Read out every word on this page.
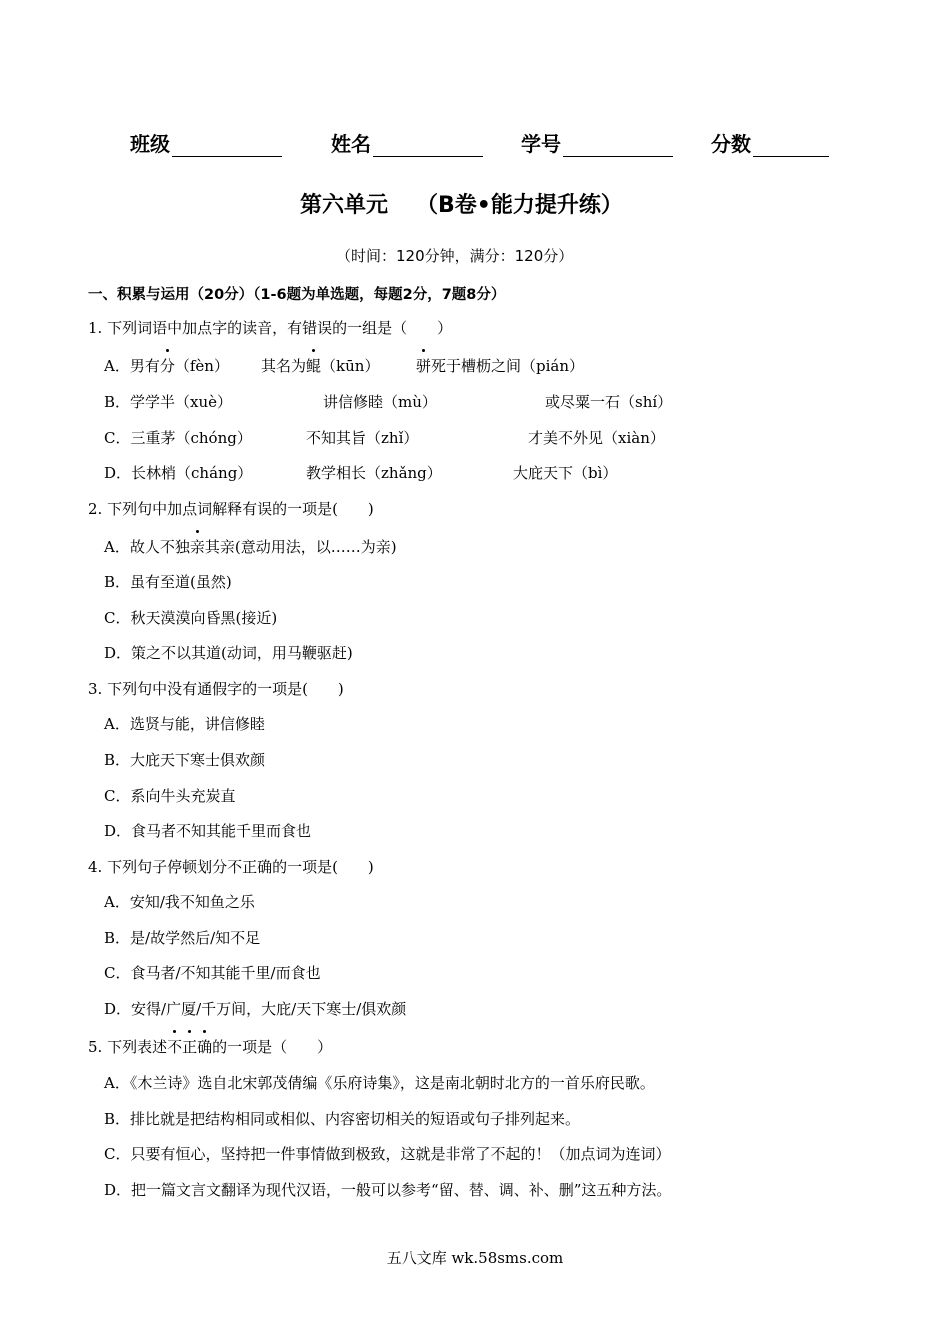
班级	姓名	学号	分数
第六单元 （B卷•能力提升练）
（时间：120分钟，满分：120分）
一、积累与运用（20分）（1-6题为单选题，每题2分，7题8分）
1. 下列词语中加点字的读音，有错误的一组是（　　）
A．男有分（fèn） 其名为鲲（kūn） 骈死于槽枥之间（pián）
B．学学半（xuè）	讲信修睦（mù）	或尽粟一石（shí）
C．三重茅（chóng）	不知其旨（zhǐ）	才美不外见（xiàn）
D．长林梢（cháng）	教学相长（zhǎng）	大庇天下（bì）
2. 下列句中加点词解释有误的一项是(　　)
A．故人不独亲其亲(意动用法，以……为亲)
B．虽有至道(虽然)
C．秋天漠漠向昏黑(接近)
D．策之不以其道(动词，用马鞭驱赶)
3. 下列句中没有通假字的一项是(　　)
A．选贤与能，讲信修睦
B．大庇天下寒士俱欢颜
C．系向牛头充炭直
D．食马者不知其能千里而食也
4. 下列句子停顿划分不正确的一项是(　　)
A．安知/我不知鱼之乐
B．是/故学然后/知不足
C．食马者/不知其能千里/而食也
D．安得/广厦/千万间，大庇/天下寒士/俱欢颜
5. 下列表述不正确的一项是（　　）
A．《木兰诗》选自北宋郭茂倩编《乐府诗集》，这是南北朝时北方的一首乐府民歌。
B．排比就是把结构相同或相似、内容密切相关的短语或句子排列起来。
C．只要有恒心，坚持把一件事情做到极致，这就是非常了不起的！（加点词为连词）
D．把一篇文言文翻译为现代汉语，一般可以参考“留、替、调、补、删”这五种方法。
五八文库 wk.58sms.com
